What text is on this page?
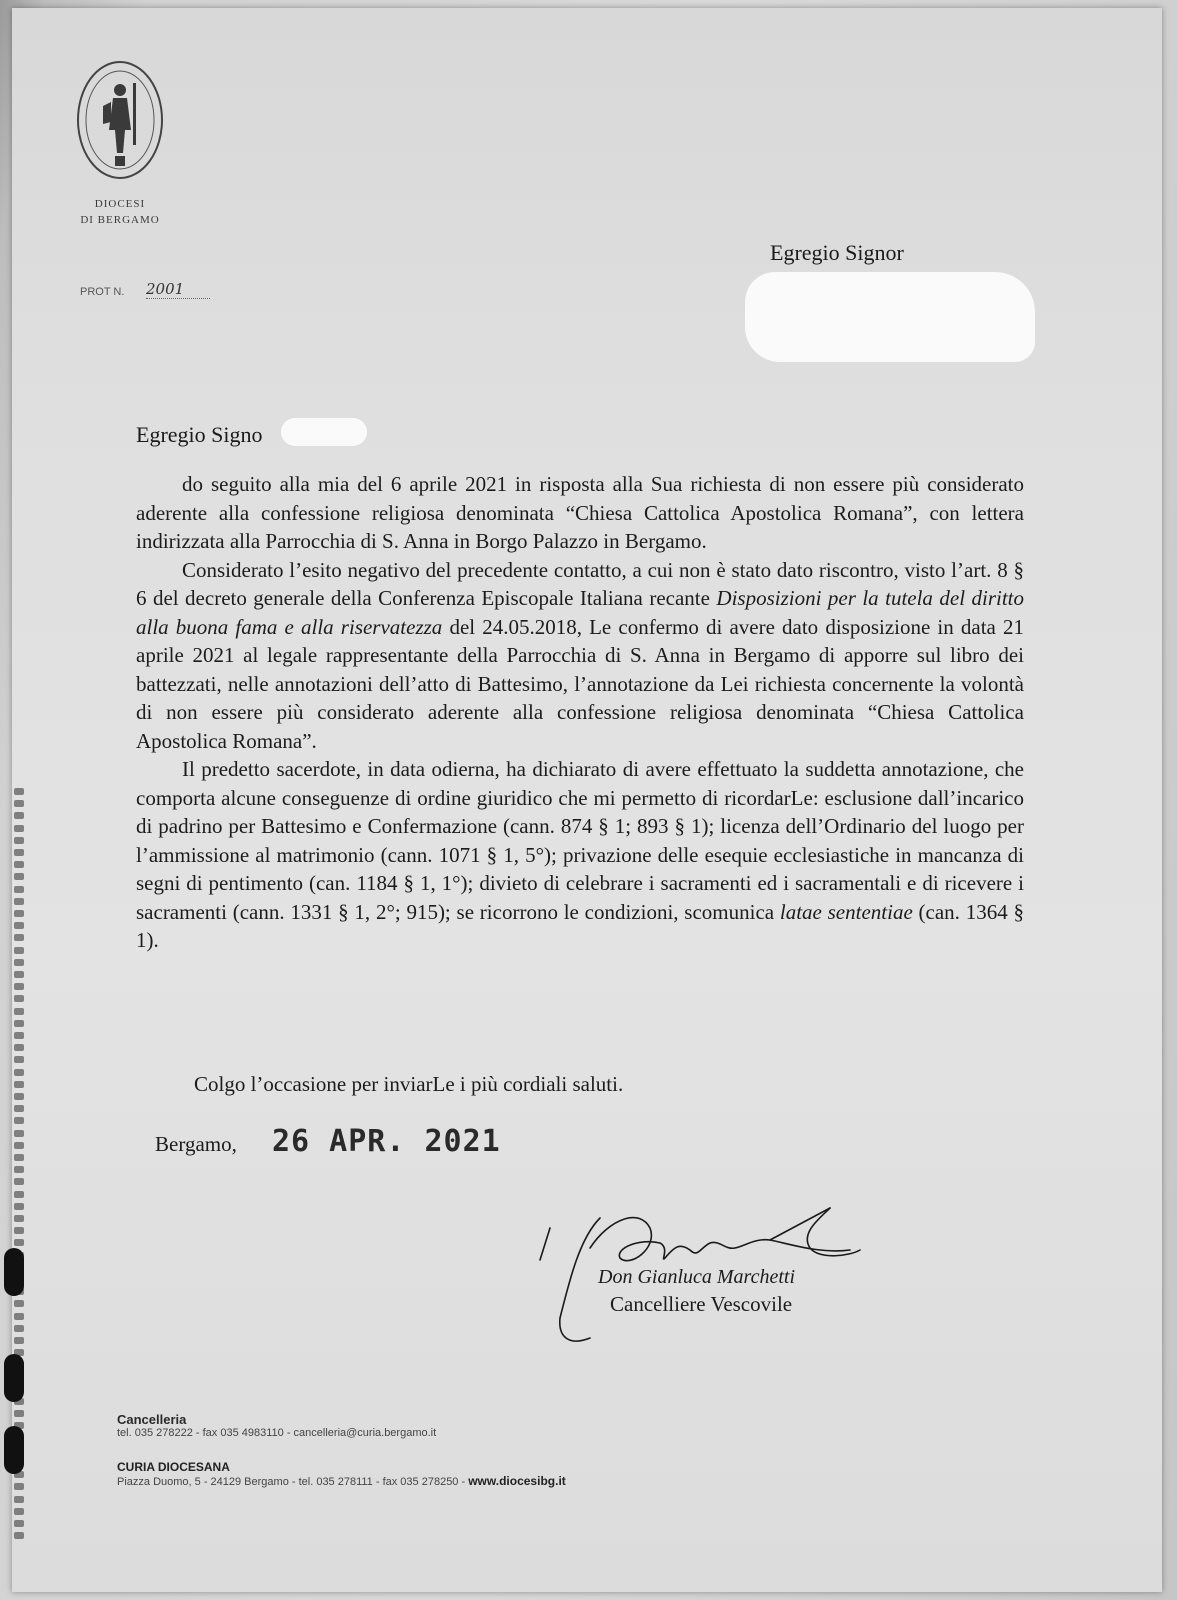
DIOCESI
DI BERGAMO
PROT N. 2001
Egregio Signor
Egregio Signo

do seguito alla mia del 6 aprile 2021 in risposta alla Sua richiesta di non essere più considerato aderente alla confessione religiosa denominata “Chiesa Cattolica Apostolica Romana”, con lettera indirizzata alla Parrocchia di S. Anna in Borgo Palazzo in Bergamo.

Considerato l’esito negativo del precedente contatto, a cui non è stato dato riscontro, visto l’art. 8 § 6 del decreto generale della Conferenza Episcopale Italiana recante Disposizioni per la tutela del diritto alla buona fama e alla riservatezza del 24.05.2018, Le confermo di avere dato disposizione in data 21 aprile 2021 al legale rappresentante della Parrocchia di S. Anna in Bergamo di apporre sul libro dei battezzati, nelle annotazioni dell’atto di Battesimo, l’annotazione da Lei richiesta concernente la volontà di non essere più considerato aderente alla confessione religiosa denominata “Chiesa Cattolica Apostolica Romana”.

Il predetto sacerdote, in data odierna, ha dichiarato di avere effettuato la suddetta annotazione, che comporta alcune conseguenze di ordine giuridico che mi permetto di ricordarLe: esclusione dall’incarico di padrino per Battesimo e Confermazione (cann. 874 § 1; 893 § 1); licenza dell’Ordinario del luogo per l’ammissione al matrimonio (cann. 1071 § 1, 5°); privazione delle esequie ecclesiastiche in mancanza di segni di pentimento (can. 1184 § 1, 1°); divieto di celebrare i sacramenti ed i sacramentali e di ricevere i sacramenti (cann. 1331 § 1, 2°; 915); se ricorrono le condizioni, scomunica latae sententiae (can. 1364 § 1).

Colgo l’occasione per inviarLe i più cordiali saluti.
Bergamo, 26 APR. 2021
Don Gianluca Marchetti
Cancelliere Vescovile
Cancelleria
tel. 035 278222 - fax 035 4983110 - cancelleria@curia.bergamo.it
CURIA DIOCESANA
Piazza Duomo, 5 - 24129 Bergamo - tel. 035 278111 - fax 035 278250 - www.diocesibg.it
